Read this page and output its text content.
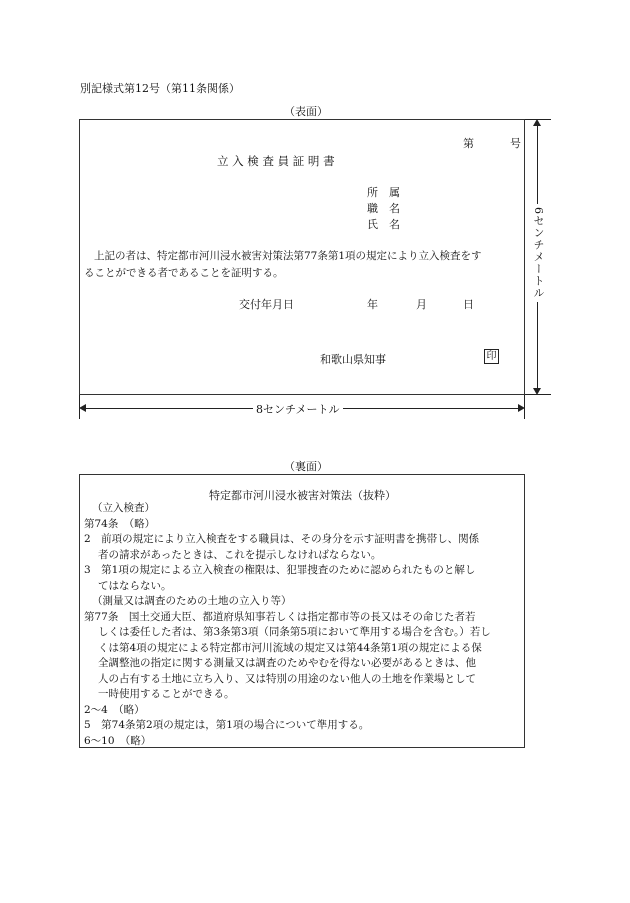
別記様式第12号（第11条関係）
（表面）
第	号
立 入 検 査 員 証 明 書
所　属
職　名
氏　名
上記の者は、特定都市河川浸水被害対策法第77条第1項の規定により立入検査をす
ることができる者であることを証明する。
交付年月日	年	月	日
和歌山県知事	印
6センチメートル
8センチメートル
（裏面）
特定都市河川浸水被害対策法（抜粋）
（立入検査）
第74条　（略）
2　前項の規定により立入検査をする職員は、その身分を示す証明書を携帯し、関係
者の請求があったときは、これを提示しなければならない。
3　第1項の規定による立入検査の権限は、犯罪捜査のために認められたものと解し
てはならない。
（測量又は調査のための土地の立入り等）
第77条　国土交通大臣、都道府県知事若しくは指定都市等の長又はその命じた者若
しくは委任した者は、第3条第3項（同条第5項において準用する場合を含む。）若し
くは第4項の規定による特定都市河川流域の規定又は第44条第1項の規定による保
全調整池の指定に関する測量又は調査のためやむを得ない必要があるときは、他
人の占有する土地に立ち入り、又は特別の用途のない他人の土地を作業場として
一時使用することができる。
2〜4　（略）
5　第74条第2項の規定は，第1項の場合について準用する。
6〜10　（略）
